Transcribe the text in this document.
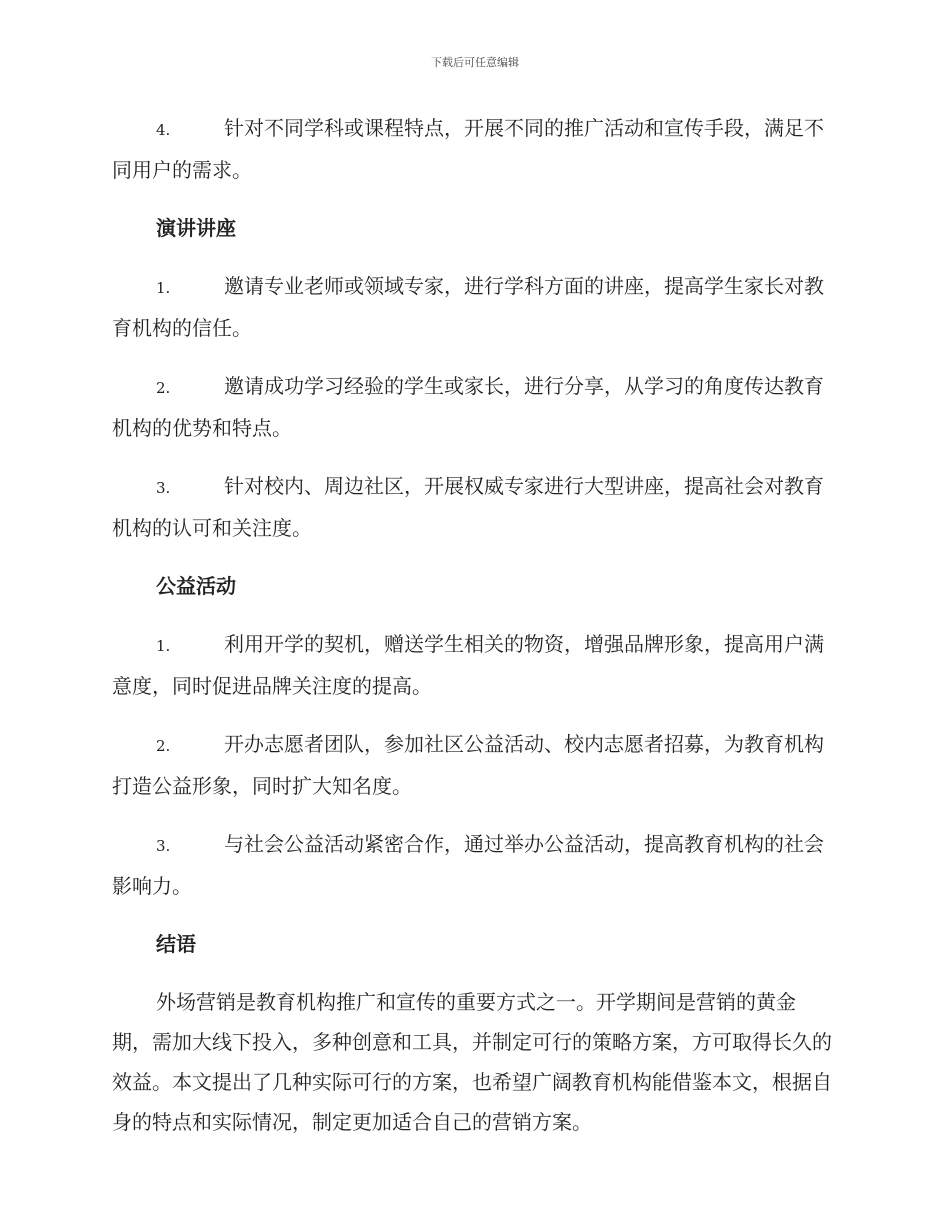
下载后可任意编辑

4.	针对不同学科或课程特点，开展不同的推广活动和宣传手段，满足不同用户的需求。

演讲讲座

1.	邀请专业老师或领域专家，进行学科方面的讲座，提高学生家长对教育机构的信任。

2.	邀请成功学习经验的学生或家长，进行分享，从学习的角度传达教育机构的优势和特点。

3.	针对校内、周边社区，开展权威专家进行大型讲座，提高社会对教育机构的认可和关注度。

公益活动

1.	利用开学的契机，赠送学生相关的物资，增强品牌形象，提高用户满意度，同时促进品牌关注度的提高。

2.	开办志愿者团队，参加社区公益活动、校内志愿者招募，为教育机构打造公益形象，同时扩大知名度。

3.	与社会公益活动紧密合作，通过举办公益活动，提高教育机构的社会影响力。

结语

外场营销是教育机构推广和宣传的重要方式之一。开学期间是营销的黄金期，需加大线下投入，多种创意和工具，并制定可行的策略方案，方可取得长久的效益。本文提出了几种实际可行的方案，也希望广阔教育机构能借鉴本文，根据自身的特点和实际情况，制定更加适合自己的营销方案。
